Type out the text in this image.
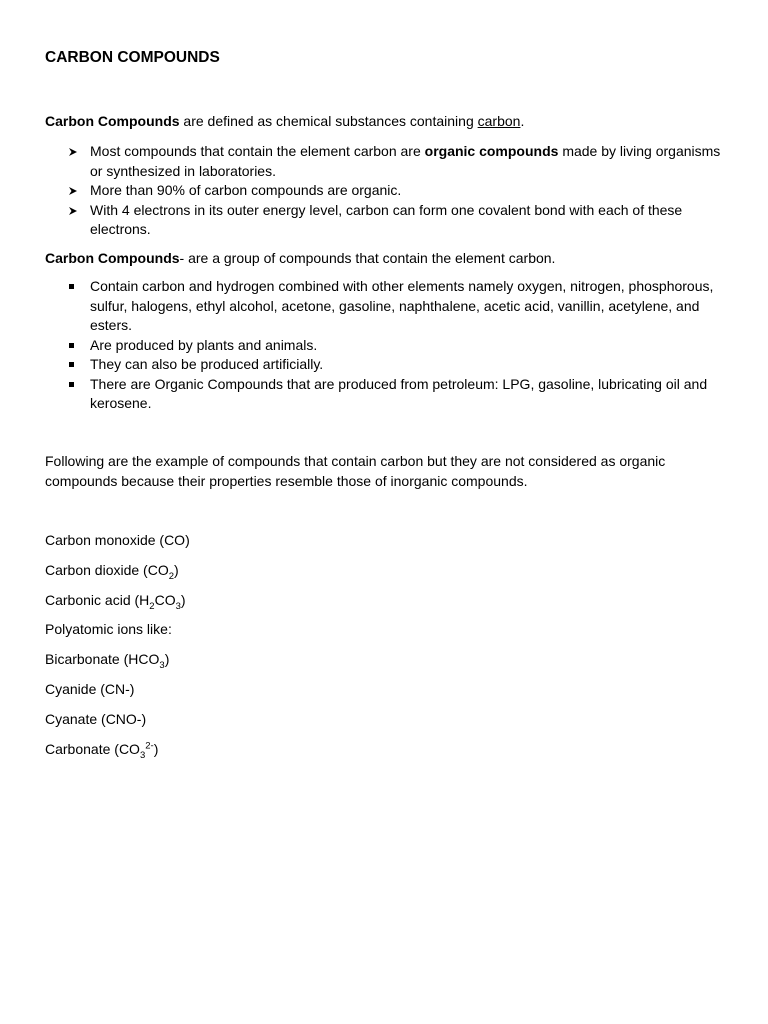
CARBON COMPOUNDS

Carbon Compounds are defined as chemical substances containing carbon.

Most compounds that contain the element carbon are organic compounds made by living organisms or synthesized in laboratories.
More than 90% of carbon compounds are organic.
With 4 electrons in its outer energy level, carbon can form one covalent bond with each of these electrons.

Carbon Compounds- are a group of compounds that contain the element carbon.

Contain carbon and hydrogen combined with other elements namely oxygen, nitrogen, phosphorous, sulfur, halogens, ethyl alcohol, acetone, gasoline, naphthalene, acetic acid, vanillin, acetylene, and esters.
Are produced by plants and animals.
They can also be produced artificially.
There are Organic Compounds that are produced from petroleum: LPG, gasoline, lubricating oil and kerosene.

Following are the example of compounds that contain carbon but they are not considered as organic compounds because their properties resemble those of inorganic compounds.

Carbon monoxide (CO)
Carbon dioxide $(CO_2)$
Carbonic acid $(H_2CO_3)$
Polyatomic ions like:
Bicarbonate $(HCO_3)$
Cyanide (CN-)
Cyanate (CNO-)
Carbonate $(CO_3^{2-})$
